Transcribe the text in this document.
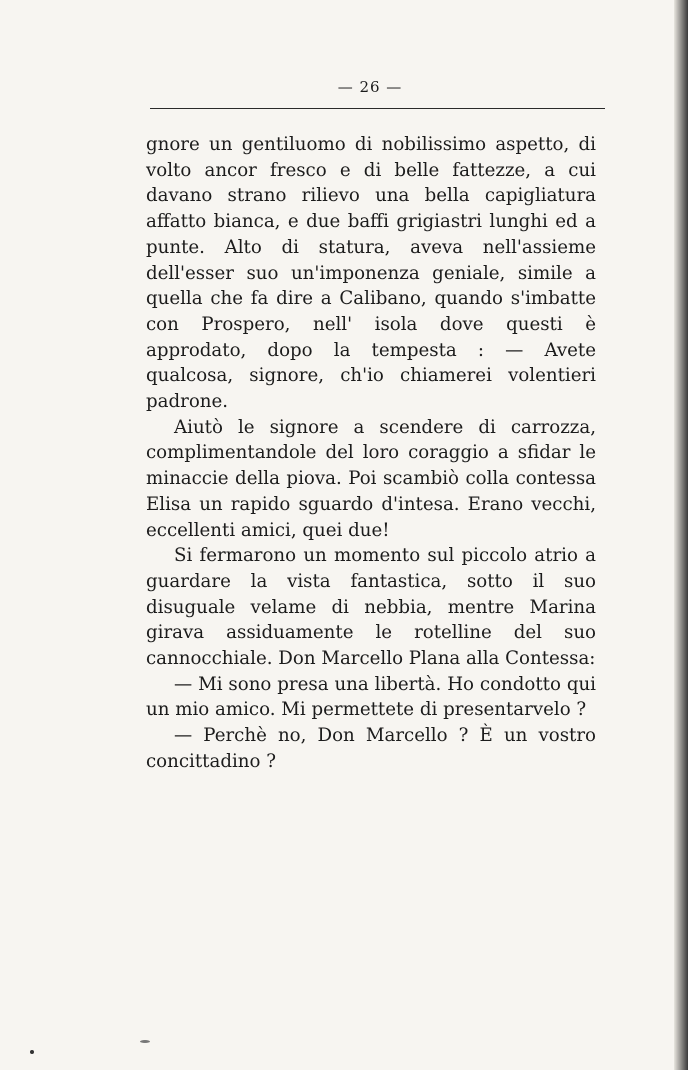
— 26 —

gnore un gentiluomo di nobilissimo aspetto, di volto ancor fresco e di belle fattezze, a cui davano strano rilievo una bella capigliatura affatto bianca, e due baffi grigiastri lunghi ed a punte. Alto di statura, aveva nell'assieme dell'esser suo un'imponenza geniale, simile a quella che fa dire a Calibano, quando s'imbatte con Prospero, nell' isola dove questi è approdato, dopo la tempesta : — Avete qualcosa, signore, ch'io chiamerei volentieri padrone.

Aiutò le signore a scendere di carrozza, complimentandole del loro coraggio a sfidar le minaccie della piova. Poi scambiò colla contessa Elisa un rapido sguardo d'intesa. Erano vecchi, eccellenti amici, quei due!

Si fermarono un momento sul piccolo atrio a guardare la vista fantastica, sotto il suo disuguale velame di nebbia, mentre Marina girava assiduamente le rotelline del suo cannocchiale. Don Marcello Plana alla Contessa:

— Mi sono presa una libertà. Ho condotto qui un mio amico. Mi permettete di presentarvelo ?

— Perchè no, Don Marcello ? È un vostro concittadino ?
